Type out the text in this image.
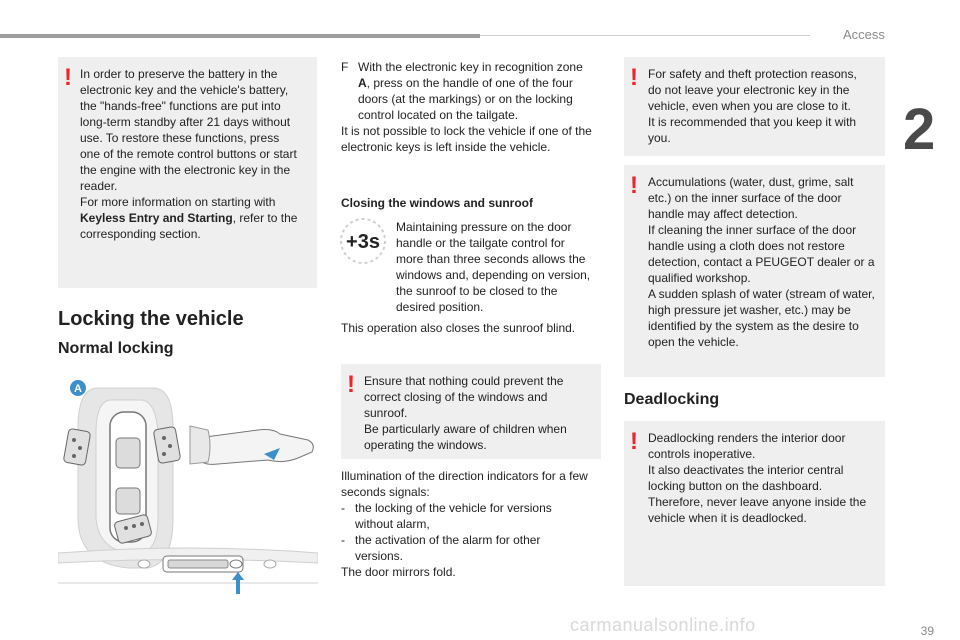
Access
2
! In order to preserve the battery in the
electronic key and the vehicle's battery,
the "hands-free" functions are put into
long-term standby after 21 days without
use. To restore these functions, press
one of the remote control buttons or start
the engine with the electronic key in the
reader.
For more information on starting with
Keyless Entry and Starting, refer to the
corresponding section.
Locking the vehicle
Normal locking
A
F With the electronic key in recognition zone
A, press on the handle of one of the four
doors (at the markings) or on the locking
control located on the tailgate.
It is not possible to lock the vehicle if one of the
electronic keys is left inside the vehicle.
Closing the windows and sunroof
+3s
Maintaining pressure on the door
handle or the tailgate control for
more than three seconds allows the
windows and, depending on version,
the sunroof to be closed to the
desired position.
This operation also closes the sunroof blind.
! Ensure that nothing could prevent the
correct closing of the windows and
sunroof.
Be particularly aware of children when
operating the windows.
Illumination of the direction indicators for a few
seconds signals:
- the locking of the vehicle for versions
without alarm,
- the activation of the alarm for other
versions.
The door mirrors fold.
! For safety and theft protection reasons,
do not leave your electronic key in the
vehicle, even when you are close to it.
It is recommended that you keep it with
you.
! Accumulations (water, dust, grime, salt
etc.) on the inner surface of the door
handle may affect detection.
If cleaning the inner surface of the door
handle using a cloth does not restore
detection, contact a PEUGEOT dealer or a
qualified workshop.
A sudden splash of water (stream of water,
high pressure jet washer, etc.) may be
identified by the system as the desire to
open the vehicle.
Deadlocking
! Deadlocking renders the interior door
controls inoperative.
It also deactivates the interior central
locking button on the dashboard.
Therefore, never leave anyone inside the
vehicle when it is deadlocked.
carmanualsonline.info	39
